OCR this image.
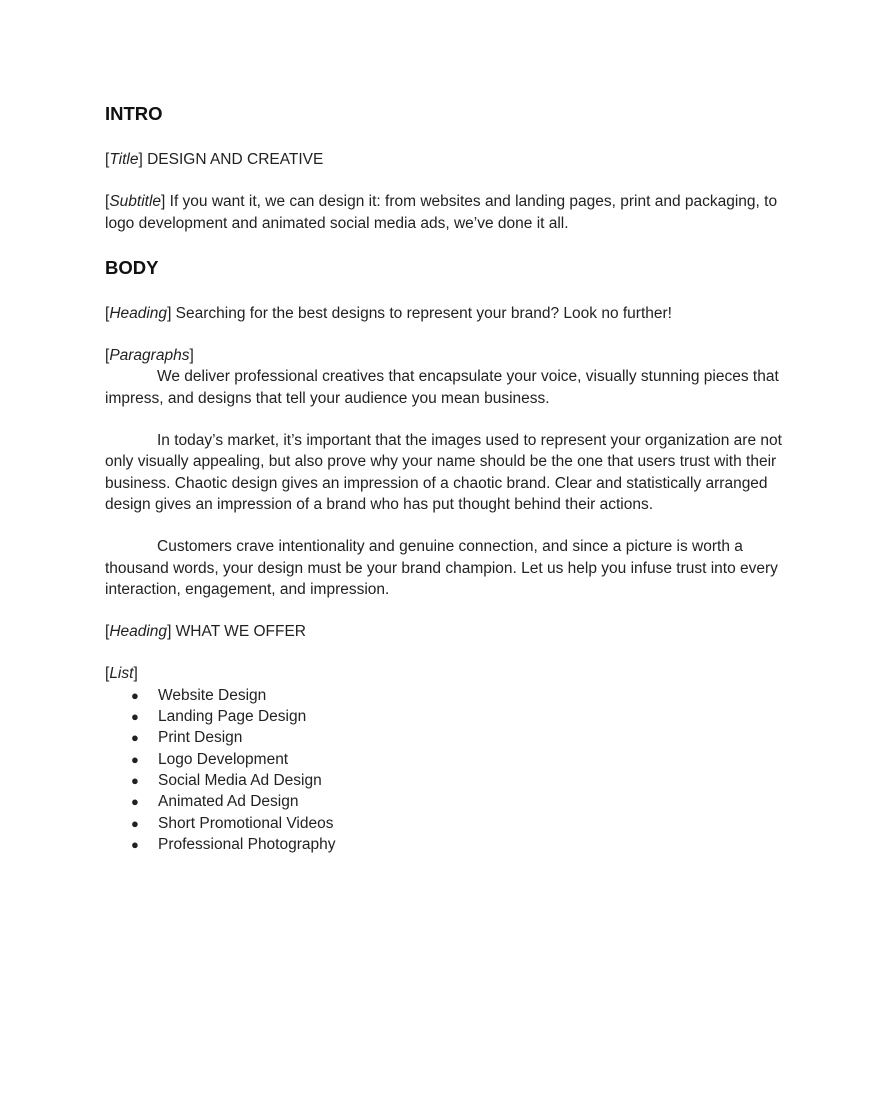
INTRO

[Title] DESIGN AND CREATIVE

[Subtitle] If you want it, we can design it: from websites and landing pages, print and packaging, to logo development and animated social media ads, we’ve done it all.

BODY

[Heading] Searching for the best designs to represent your brand? Look no further!

[Paragraphs]

We deliver professional creatives that encapsulate your voice, visually stunning pieces that impress, and designs that tell your audience you mean business.

In today’s market, it’s important that the images used to represent your organization are not only visually appealing, but also prove why your name should be the one that users trust with their business. Chaotic design gives an impression of a chaotic brand. Clear and statistically arranged design gives an impression of a brand who has put thought behind their actions.

Customers crave intentionality and genuine connection, and since a picture is worth a thousand words, your design must be your brand champion. Let us help you infuse trust into every interaction, engagement, and impression.

[Heading] WHAT WE OFFER

[List]

● Website Design
● Landing Page Design
● Print Design
● Logo Development
● Social Media Ad Design
● Animated Ad Design
● Short Promotional Videos
● Professional Photography
